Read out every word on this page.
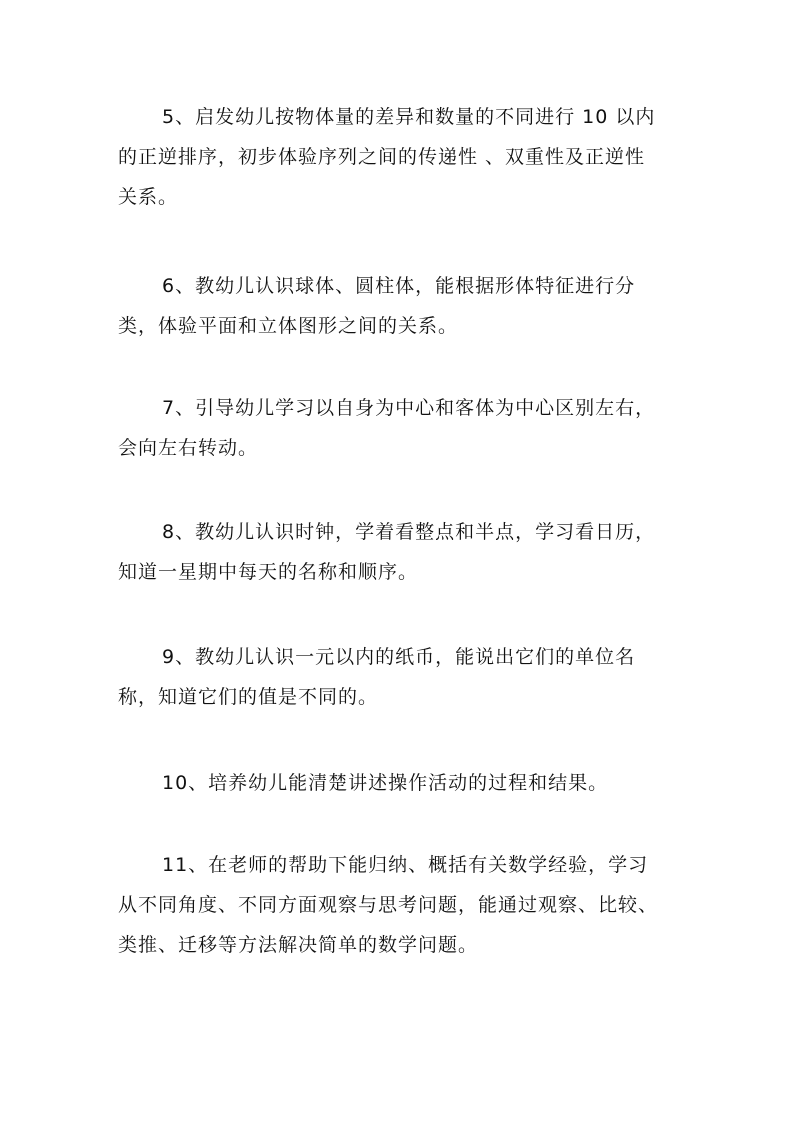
5、启发幼儿按物体量的差异和数量的不同进行 10 以内
的正逆排序，初步体验序列之间的传递性 、双重性及正逆性
关系。
6、教幼儿认识球体、圆柱体，能根据形体特征进行分
类，体验平面和立体图形之间的关系。
7、引导幼儿学习以自身为中心和客体为中心区别左右，
会向左右转动。
8、教幼儿认识时钟，学着看整点和半点，学习看日历，
知道一星期中每天的名称和顺序。
9、教幼儿认识一元以内的纸币，能说出它们的单位名
称，知道它们的值是不同的。
10、培养幼儿能清楚讲述操作活动的过程和结果。
11、在老师的帮助下能归纳、概括有关数学经验，学习
从不同角度、不同方面观察与思考问题，能通过观察、比较、
类推、迁移等方法解决简单的数学问题。
